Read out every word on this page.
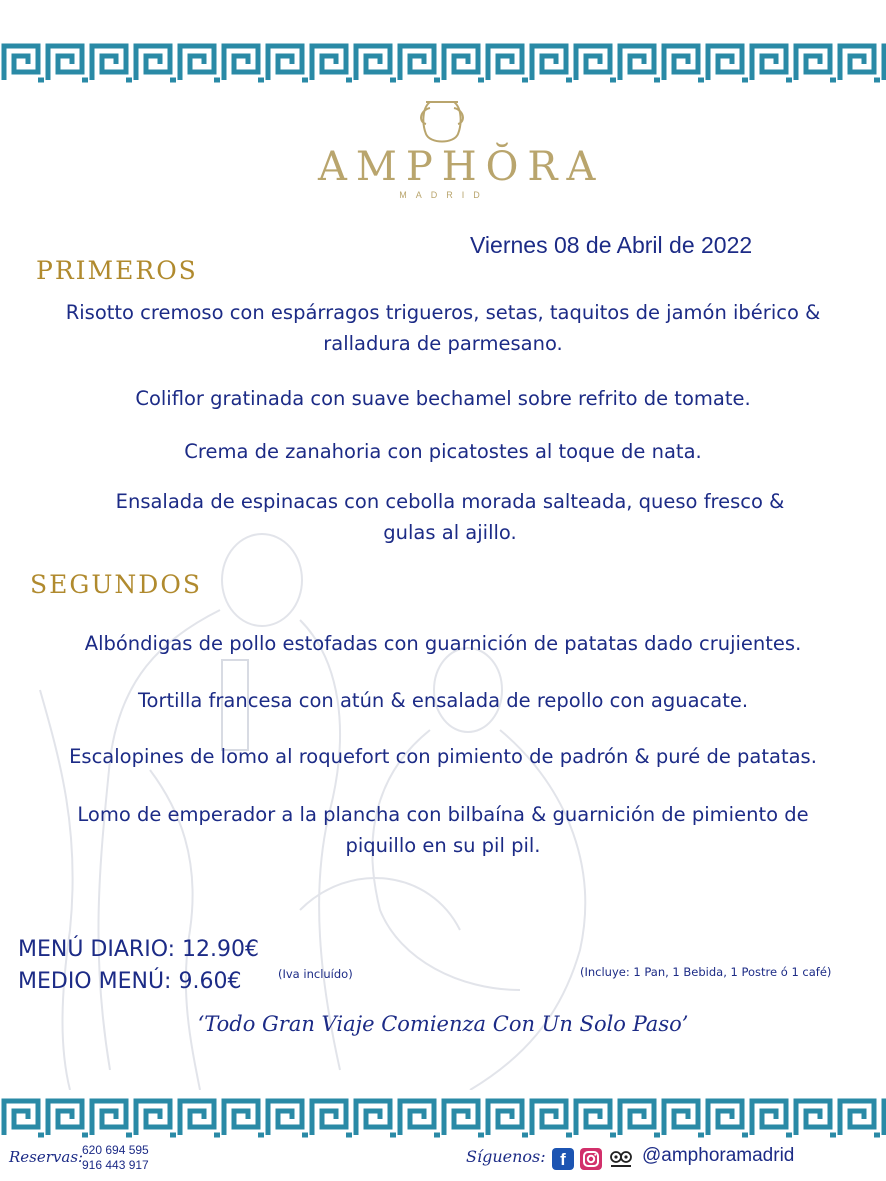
AMPHŎRA
MADRID
Viernes 08 de Abril de 2022
PRIMEROS
Risotto cremoso con espárragos trigueros, setas, taquitos de jamón ibérico & ralladura de parmesano.
Coliflor gratinada con suave bechamel sobre refrito de tomate.
Crema de zanahoria con picatostes al toque de nata.
Ensalada de espinacas con cebolla morada salteada, queso fresco & gulas al ajillo.
SEGUNDOS
Albóndigas de pollo estofadas con guarnición de patatas dado crujientes.
Tortilla francesa con atún & ensalada de repollo con aguacate.
Escalopines de lomo al roquefort con pimiento de padrón & puré de patatas.
Lomo de emperador a la plancha con bilbaína & guarnición de pimiento de piquillo en su pil pil.
MENÚ DIARIO: 12.90€
MEDIO MENÚ: 9.60€	(Iva incluído)	(Incluye: 1 Pan, 1 Bebida, 1 Postre ó 1 café)
‘Todo Gran Viaje Comienza Con Un Solo Paso’
Reservas:
620 694 595
916 443 917	Síguenos: f	@amphoramadrid
